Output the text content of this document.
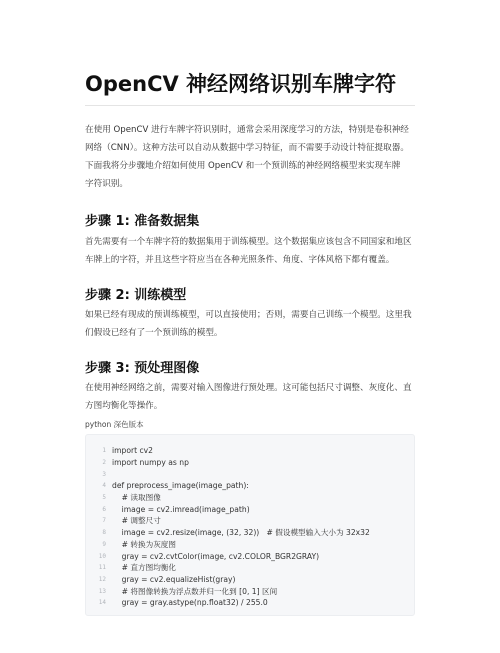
OpenCV 神经网络识别车牌字符
在使用 OpenCV 进行车牌字符识别时，通常会采用深度学习的方法，特别是卷积神经
网络（CNN）。这种方法可以自动从数据中学习特征，而不需要手动设计特征提取器。
下面我将分步骤地介绍如何使用 OpenCV 和一个预训练的神经网络模型来实现车牌
字符识别。
步骤 1: 准备数据集
首先需要有一个车牌字符的数据集用于训练模型。这个数据集应该包含不同国家和地区
车牌上的字符，并且这些字符应当在各种光照条件、角度、字体风格下都有覆盖。
步骤 2: 训练模型
如果已经有现成的预训练模型，可以直接使用；否则，需要自己训练一个模型。这里我
们假设已经有了一个预训练的模型。
步骤 3: 预处理图像
在使用神经网络之前，需要对输入图像进行预处理。这可能包括尺寸调整、灰度化、直
方图均衡化等操作。

python 深色版本

1 import cv2
2 import numpy as np
3
4 def preprocess_image(image_path):
5 # 读取图像
6 image = cv2.imread(image_path)
7 # 调整尺寸
8 image = cv2.resize(image, (32, 32))   # 假设模型输入大小为 32x32
9 # 转换为灰度图
10 gray = cv2.cvtColor(image, cv2.COLOR_BGR2GRAY)
11 # 直方图均衡化
12 gray = cv2.equalizeHist(gray)
13 # 将图像转换为浮点数并归一化到 [0, 1] 区间
14 gray = gray.astype(np.float32) / 255.0
